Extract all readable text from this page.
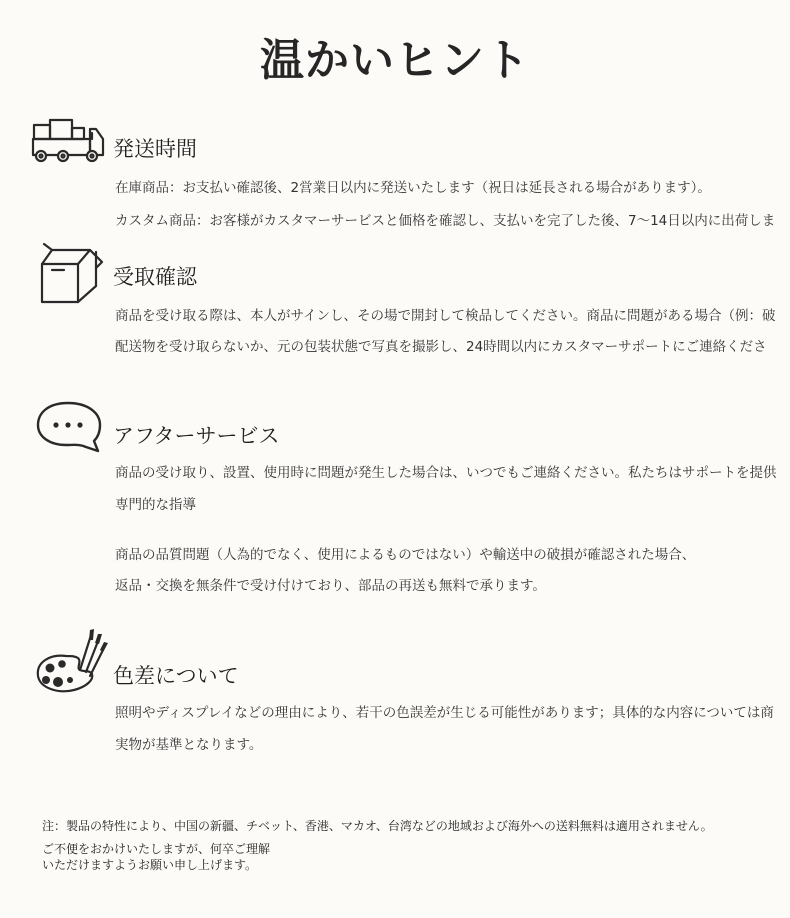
温かいヒント
発送時間
在庫商品：お支払い確認後、2営業日以内に発送いたします（祝日は延長される場合があります）。
カスタム商品：お客様がカスタマーサービスと価格を確認し、支払いを完了した後、7〜14日以内に出荷しま
受取確認
商品を受け取る際は、本人がサインし、その場で開封して検品してください。商品に問題がある場合（例：破
配送物を受け取らないか、元の包装状態で写真を撮影し、24時間以内にカスタマーサポートにご連絡くださ
アフターサービス
商品の受け取り、設置、使用時に問題が発生した場合は、いつでもご連絡ください。私たちはサポートを提供
専門的な指導
商品の品質問題（人為的でなく、使用によるものではない）や輸送中の破損が確認された場合、
返品・交換を無条件で受け付けており、部品の再送も無料で承ります。
色差について
照明やディスプレイなどの理由により、若干の色誤差が生じる可能性があります；具体的な内容については商
実物が基準となります。
注：製品の特性により、中国の新疆、チベット、香港、マカオ、台湾などの地域および海外への送料無料は適用されません。
ご不便をおかけいたしますが、何卒ご理解
いただけますようお願い申し上げます。
